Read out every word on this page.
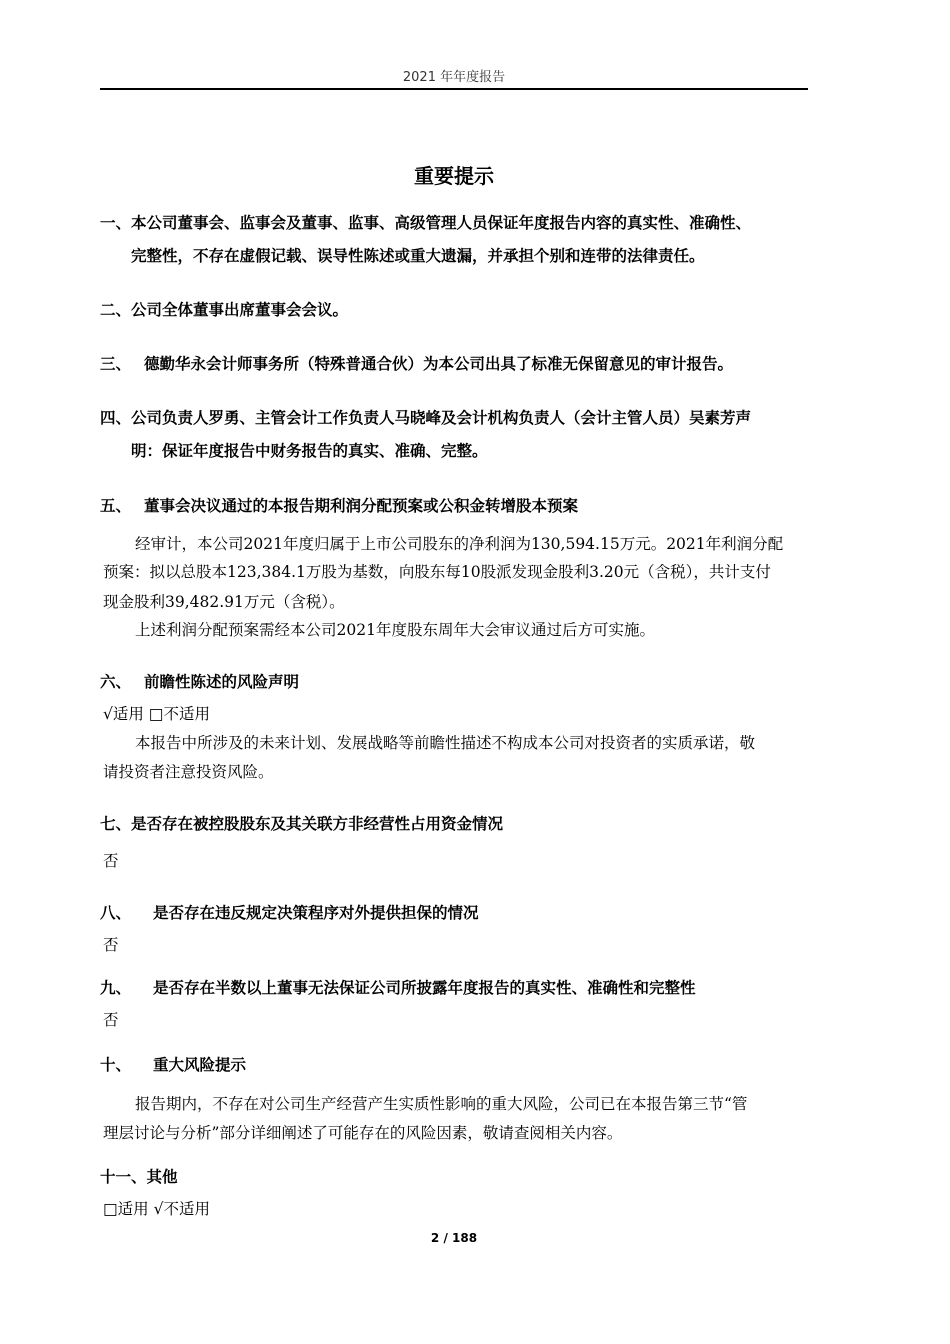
2021 年年度报告
重要提示
一、本公司董事会、监事会及董事、监事、高级管理人员保证年度报告内容的真实性、准确性、
完整性，不存在虚假记载、误导性陈述或重大遗漏，并承担个别和连带的法律责任。
二、公司全体董事出席董事会会议。
三、 德勤华永会计师事务所（特殊普通合伙）为本公司出具了标准无保留意见的审计报告。
四、公司负责人罗勇、主管会计工作负责人马晓峰及会计机构负责人（会计主管人员）吴素芳声
明：保证年度报告中财务报告的真实、准确、完整。
五、 董事会决议通过的本报告期利润分配预案或公积金转增股本预案
经审计，本公司2021年度归属于上市公司股东的净利润为130,594.15万元。2021年利润分配
预案：拟以总股本123,384.1万股为基数，向股东每10股派发现金股利3.20元（含税），共计支付
现金股利39,482.91万元（含税）。
上述利润分配预案需经本公司2021年度股东周年大会审议通过后方可实施。
六、 前瞻性陈述的风险声明
√适用 □不适用
本报告中所涉及的未来计划、发展战略等前瞻性描述不构成本公司对投资者的实质承诺，敬
请投资者注意投资风险。
七、是否存在被控股股东及其关联方非经营性占用资金情况
否
八、 是否存在违反规定决策程序对外提供担保的情况
否
九、 是否存在半数以上董事无法保证公司所披露年度报告的真实性、准确性和完整性
否
十、 重大风险提示
报告期内，不存在对公司生产经营产生实质性影响的重大风险，公司已在本报告第三节“管
理层讨论与分析”部分详细阐述了可能存在的风险因素，敬请查阅相关内容。
十一、其他
□适用 √不适用
2 / 188
